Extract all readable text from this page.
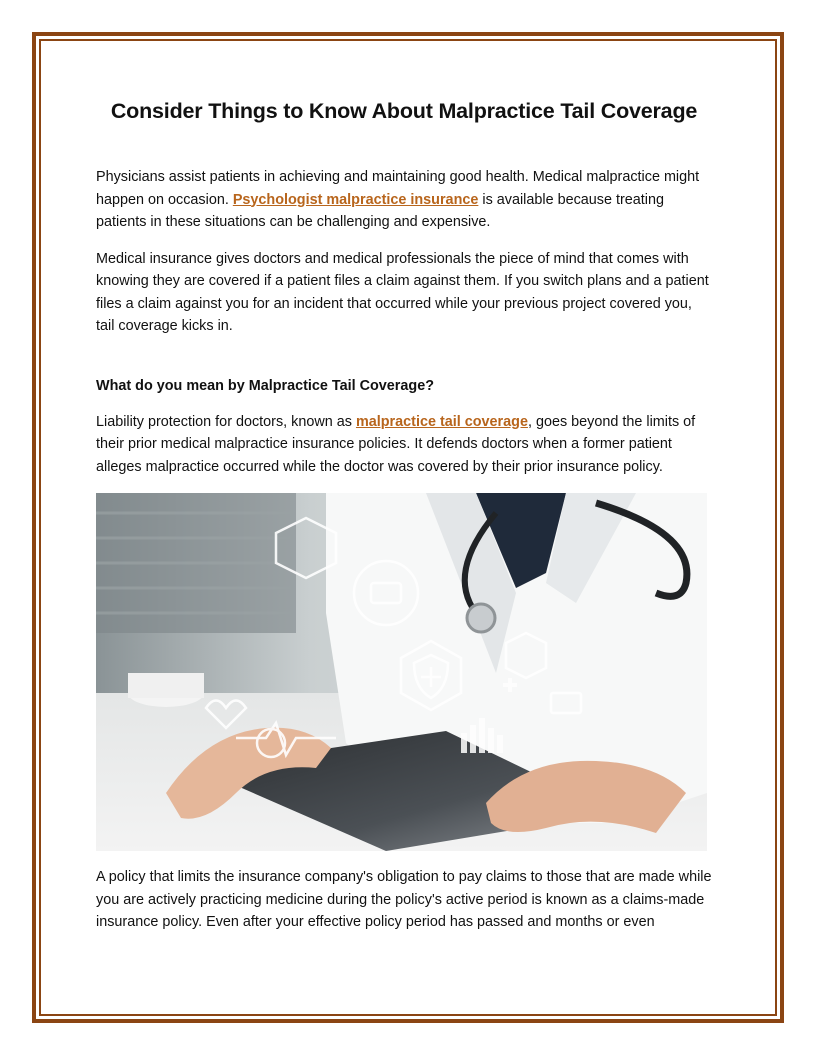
Consider Things to Know About Malpractice Tail Coverage

Physicians assist patients in achieving and maintaining good health. Medical malpractice might happen on occasion. Psychologist malpractice insurance is available because treating patients in these situations can be challenging and expensive.

Medical insurance gives doctors and medical professionals the piece of mind that comes with knowing they are covered if a patient files a claim against them. If you switch plans and a patient files a claim against you for an incident that occurred while your previous project covered you, tail coverage kicks in.

What do you mean by Malpractice Tail Coverage?

Liability protection for doctors, known as malpractice tail coverage, goes beyond the limits of their prior medical malpractice insurance policies. It defends doctors when a former patient alleges malpractice occurred while the doctor was covered by their prior insurance policy.

A policy that limits the insurance company's obligation to pay claims to those that are made while you are actively practicing medicine during the policy's active period is known as a claims-made insurance policy. Even after your effective policy period has passed and months or even
